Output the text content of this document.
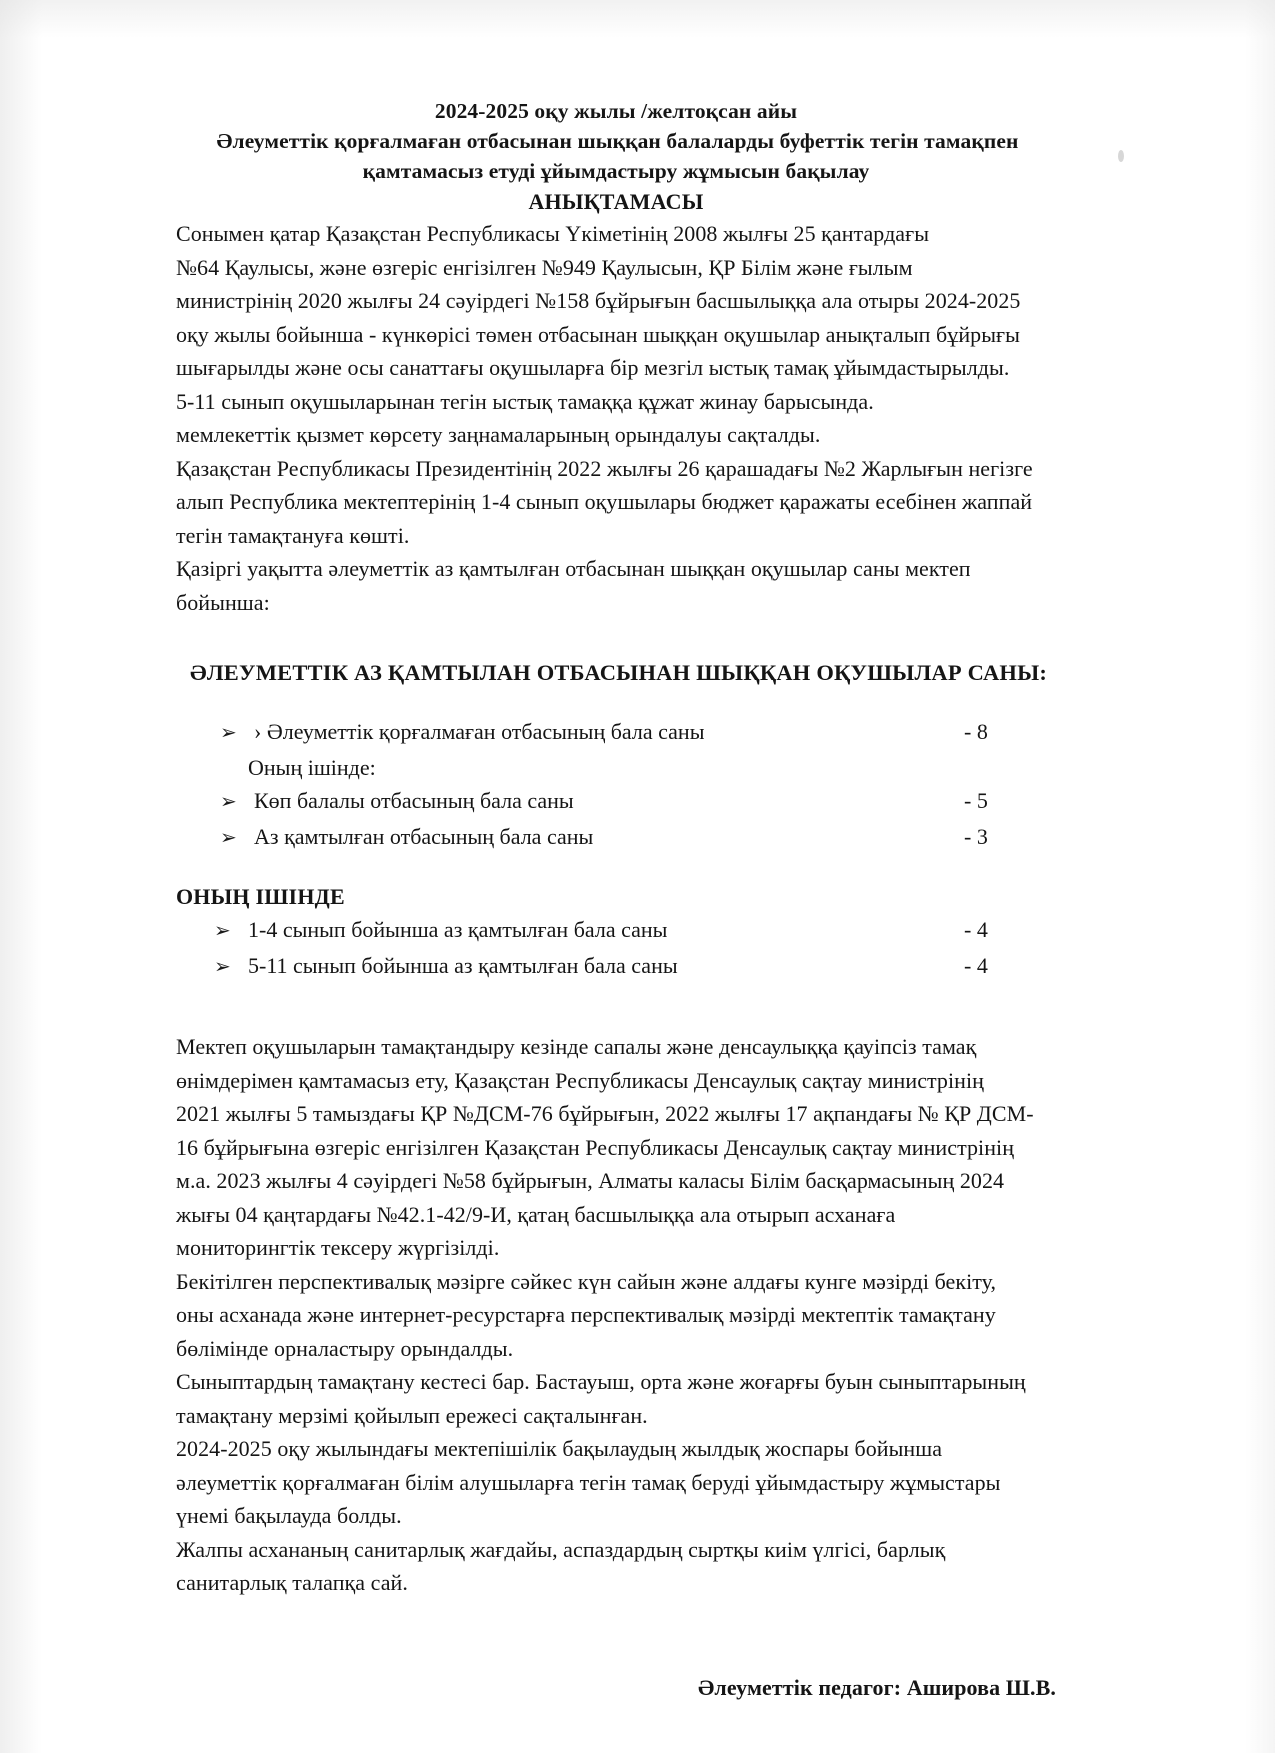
2024-2025 оқу жылы /желтоқсан айы
Әлеуметтік қорғалмаған отбасынан шыққан балаларды буфеттік тегін тамақпен
қамтамасыз етуді ұйымдастыру жұмысын бақылау
АНЫҚТАМАСЫ

Сонымен қатар Қазақстан Республикасы Үкіметінің 2008 жылғы 25 қантардағы

№64 Қаулысы, және өзгеріс енгізілген №949 Қаулысын, ҚР Білім және ғылым

министрінің 2020 жылғы 24 сәуірдегі №158 бұйрығын басшылыққа ала отыры 2024-2025

оқу жылы бойынша - күнкөрісі төмен отбасынан шыққан оқушылар анықталып бұйрығы

шығарылды және осы санаттағы оқушыларға бір мезгіл ыстық тамақ ұйымдастырылды.

5-11 сынып оқушыларынан тегін ыстық тамаққа құжат жинау барысында.

мемлекеттік қызмет көрсету заңнамаларының орындалуы сақталды.

Қазақстан Республикасы Президентінің 2022 жылғы 26 қарашадағы №2 Жарлығын негізге

алып Республика мектептерінің 1-4 сынып оқушылары бюджет қаражаты есебінен жаппай

тегін тамақтануға көшті.

Қазіргі уақытта әлеуметтік аз қамтылған отбасынан шыққан оқушылар саны мектеп

бойынша:

ӘЛЕУМЕТТІК АЗ ҚАМТЫЛАН ОТБАСЫНАН ШЫҚҚАН ОҚУШЫЛАР САНЫ:
➢ › Әлеуметтік қорғалмаған отбасының бала саны	- 8
Оның ішінде:
➢ Көп балалы отбасының бала саны	- 5
➢ Аз қамтылған отбасының бала саны	- 3
ОНЫҢ ІШІНДЕ
➢ 1-4 сынып бойынша аз қамтылған бала саны	- 4
➢ 5-11 сынып бойынша аз қамтылған бала саны	- 4

Мектеп оқушыларын тамақтандыру кезінде сапалы және денсаулыққа қауіпсіз тамақ

өнімдерімен қамтамасыз ету, Қазақстан Республикасы Денсаулық сақтау министрінің

2021 жылғы 5 тамыздағы ҚР №ДСМ-76 бұйрығын, 2022 жылғы 17 ақпандағы № ҚР ДСМ-

16 бұйрығына өзгеріс енгізілген Қазақстан Республикасы Денсаулық сақтау министрінің

м.а. 2023 жылғы 4 сәуірдегі №58 бұйрығын, Алматы каласы Білім басқармасының 2024

жығы 04 қаңтардағы №42.1-42/9-И, қатаң басшылыққа ала отырып асханаға

мониторингтік тексеру жүргізілді.

Бекітілген перспективалық мәзірге сәйкес күн сайын және алдағы кунге мәзірді бекіту,

оны асханада және интернет-ресурстарға перспективалық мәзірді мектептік тамақтану

бөлімінде орналастыру орындалды.

Сыныптардың тамақтану кестесі бар. Бастауыш, орта және жоғарғы буын сыныптарының

тамақтану мерзімі қойылып ережесі сақталынған.

2024-2025 оқу жылындағы мектепішілік бақылаудың жылдық жоспары бойынша

әлеуметтік қорғалмаған білім алушыларға тегін тамақ беруді ұйымдастыру жұмыстары

үнемі бақылауда болды.

Жалпы асхананың санитарлық жағдайы, аспаздардың сыртқы киім үлгісі, барлық

санитарлық талапқа сай.

Әлеуметтік педагог: Аширова Ш.В.
